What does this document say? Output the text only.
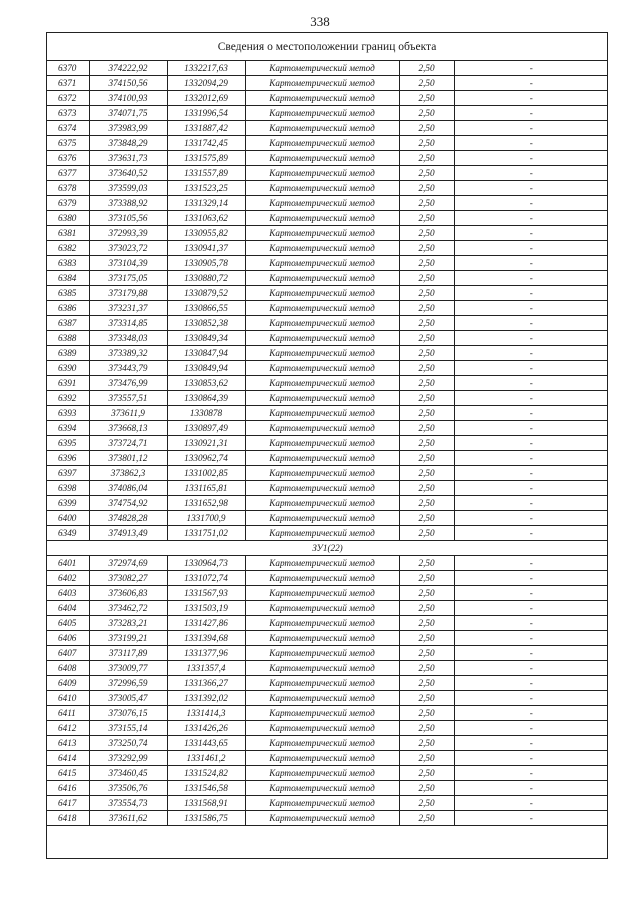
338
Сведения о местоположении границ объекта
6370	374222,92	1332217,63	Картометрический метод	2,50	-
6371	374150,56	1332094,29	Картометрический метод	2,50	-
6372	374100,93	1332012,69	Картометрический метод	2,50	-
6373	374071,75	1331996,54	Картометрический метод	2,50	-
6374	373983,99	1331887,42	Картометрический метод	2,50	-
6375	373848,29	1331742,45	Картометрический метод	2,50	-
6376	373631,73	1331575,89	Картометрический метод	2,50	-
6377	373640,52	1331557,89	Картометрический метод	2,50	-
6378	373599,03	1331523,25	Картометрический метод	2,50	-
6379	373388,92	1331329,14	Картометрический метод	2,50	-
6380	373105,56	1331063,62	Картометрический метод	2,50	-
6381	372993,39	1330955,82	Картометрический метод	2,50	-
6382	373023,72	1330941,37	Картометрический метод	2,50	-
6383	373104,39	1330905,78	Картометрический метод	2,50	-
6384	373175,05	1330880,72	Картометрический метод	2,50	-
6385	373179,88	1330879,52	Картометрический метод	2,50	-
6386	373231,37	1330866,55	Картометрический метод	2,50	-
6387	373314,85	1330852,38	Картометрический метод	2,50	-
6388	373348,03	1330849,34	Картометрический метод	2,50	-
6389	373389,32	1330847,94	Картометрический метод	2,50	-
6390	373443,79	1330849,94	Картометрический метод	2,50	-
6391	373476,99	1330853,62	Картометрический метод	2,50	-
6392	373557,51	1330864,39	Картометрический метод	2,50	-
6393	373611,9	1330878	Картометрический метод	2,50	-
6394	373668,13	1330897,49	Картометрический метод	2,50	-
6395	373724,71	1330921,31	Картометрический метод	2,50	-
6396	373801,12	1330962,74	Картометрический метод	2,50	-
6397	373862,3	1331002,85	Картометрический метод	2,50	-
6398	374086,04	1331165,81	Картометрический метод	2,50	-
6399	374754,92	1331652,98	Картометрический метод	2,50	-
6400	374828,28	1331700,9	Картометрический метод	2,50	-
6349	374913,49	1331751,02	Картометрический метод	2,50	-
ЗУ1(22)					
6401	372974,69	1330964,73	Картометрический метод	2,50	-
6402	373082,27	1331072,74	Картометрический метод	2,50	-
6403	373606,83	1331567,93	Картометрический метод	2,50	-
6404	373462,72	1331503,19	Картометрический метод	2,50	-
6405	373283,21	1331427,86	Картометрический метод	2,50	-
6406	373199,21	1331394,68	Картометрический метод	2,50	-
6407	373117,89	1331377,96	Картометрический метод	2,50	-
6408	373009,77	1331357,4	Картометрический метод	2,50	-
6409	372996,59	1331366,27	Картометрический метод	2,50	-
6410	373005,47	1331392,02	Картометрический метод	2,50	-
6411	373076,15	1331414,3	Картометрический метод	2,50	-
6412	373155,14	1331426,26	Картометрический метод	2,50	-
6413	373250,74	1331443,65	Картометрический метод	2,50	-
6414	373292,99	1331461,2	Картометрический метод	2,50	-
6415	373460,45	1331524,82	Картометрический метод	2,50	-
6416	373506,76	1331546,58	Картометрический метод	2,50	-
6417	373554,73	1331568,91	Картометрический метод	2,50	-
6418	373611,62	1331586,75	Картометрический метод	2,50	-
